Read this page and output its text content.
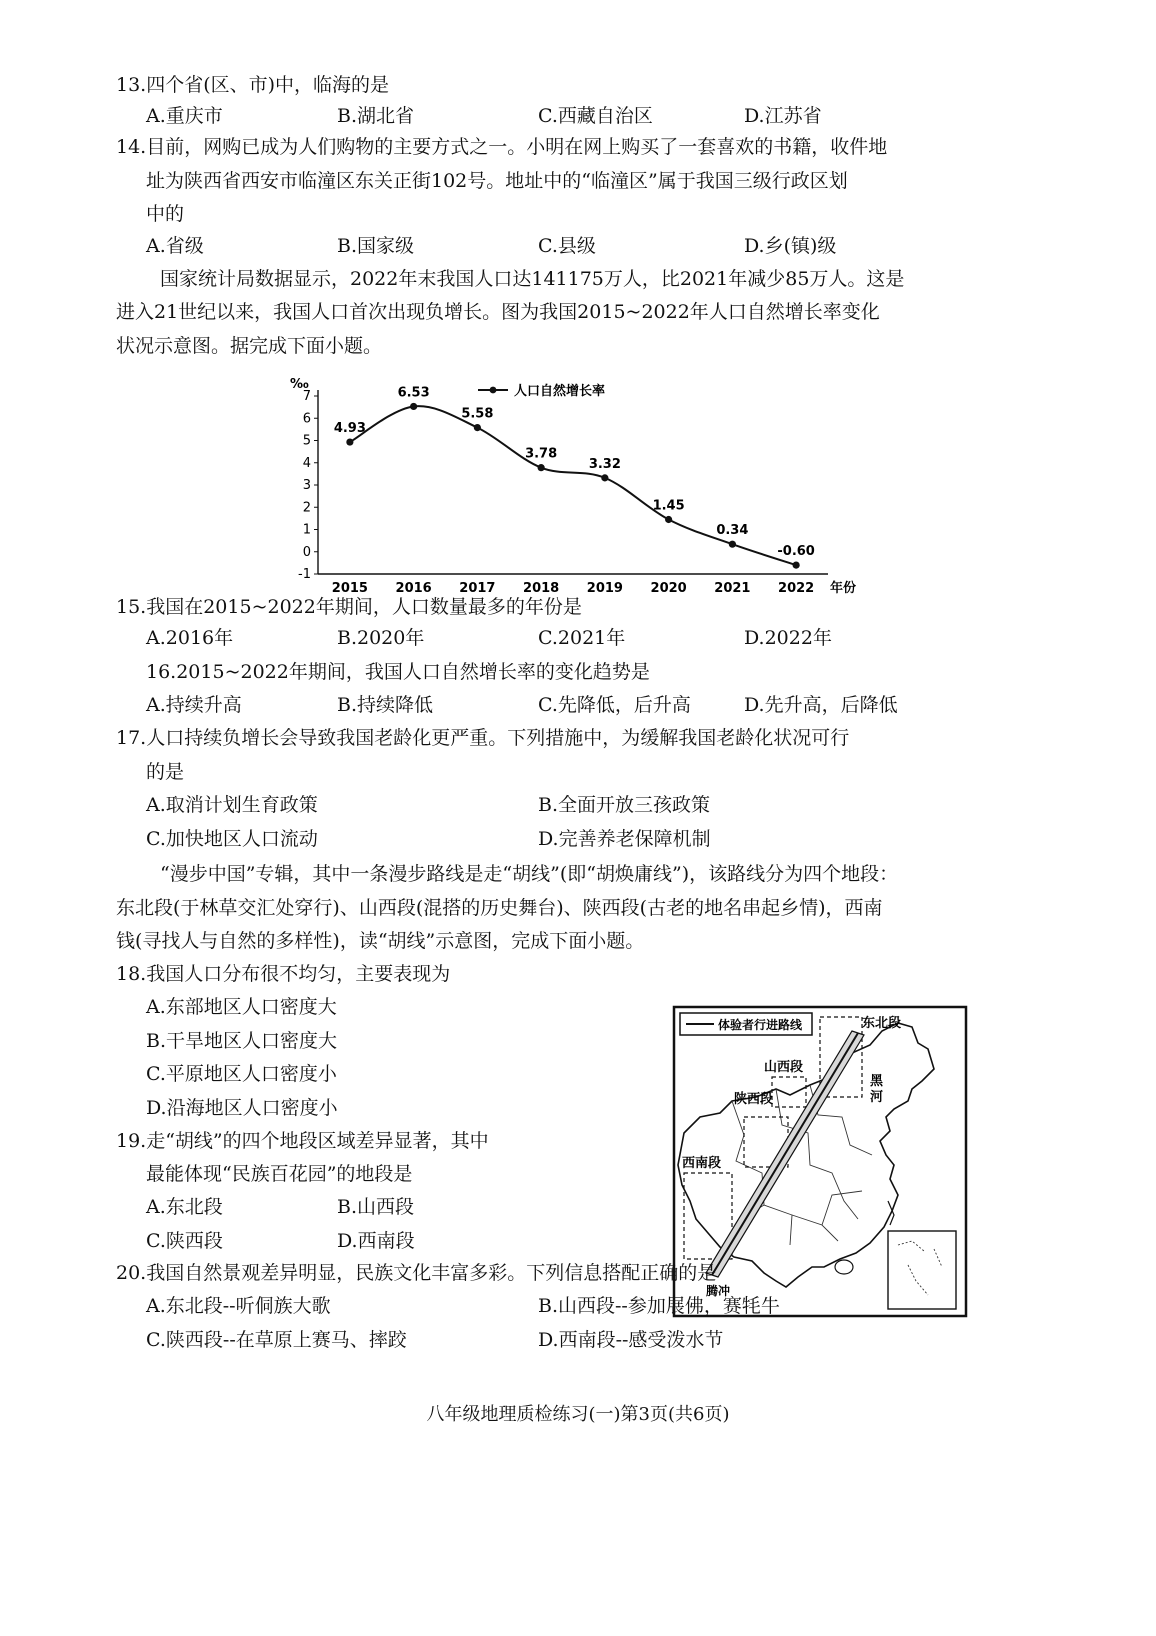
13.四个省(区、市)中，临海的是
A.重庆市	B.湖北省	C.西藏自治区	D.江苏省
14.目前，网购已成为人们购物的主要方式之一。小明在网上购买了一套喜欢的书籍，收件地
址为陕西省西安市临潼区东关正街102号。地址中的“临潼区”属于我国三级行政区划
中的
A.省级	B.国家级	C.县级	D.乡(镇)级
国家统计局数据显示，2022年末我国人口达141175万人，比2021年减少85万人。这是
进入21世纪以来，我国人口首次出现负增长。图为我国2015~2022年人口自然增长率变化
状况示意图。据完成下面小题。
‰
年份
7
6
5
4
3
2
1
0
-1
2015 2016 2017 2018 2019 2020 2021 2022
4.93
6.53
5.58
3.78
3.32
1.45
0.34
-0.60
人口自然增长率
15.我国在2015~2022年期间，人口数量最多的年份是
A.2016年	B.2020年	C.2021年	D.2022年
16.2015~2022年期间，我国人口自然增长率的变化趋势是
A.持续升高	B.持续降低	C.先降低，后升高	D.先升高，后降低
17.人口持续负增长会导致我国老龄化更严重。下列措施中，为缓解我国老龄化状况可行
的是
A.取消计划生育政策	B.全面开放三孩政策
C.加快地区人口流动	D.完善养老保障机制
“漫步中国”专辑，其中一条漫步路线是走“胡线”(即“胡焕庸线”)，该路线分为四个地段：
东北段(于林草交汇处穿行)、山西段(混搭的历史舞台)、陕西段(古老的地名串起乡情)，西南
钱(寻找人与自然的多样性)，读“胡线”示意图，完成下面小题。
18.我国人口分布很不均匀，主要表现为
A.东部地区人口密度大
B.干旱地区人口密度大
C.平原地区人口密度小
D.沿海地区人口密度小
19.走“胡线”的四个地段区域差异显著，其中
最能体现“民族百花园”的地段是
A.东北段	B.山西段
C.陕西段	D.西南段
体验者行进路线	东北段
黑
河
山西段
陕西段
西南段
腾冲
20.我国自然景观差异明显，民族文化丰富多彩。下列信息搭配正确的是
A.东北段--听侗族大歌	B.山西段--参加展佛，赛牦牛
C.陕西段--在草原上赛马、摔跤	D.西南段--感受泼水节
八年级地理质检练习(一)第3页(共6页)
